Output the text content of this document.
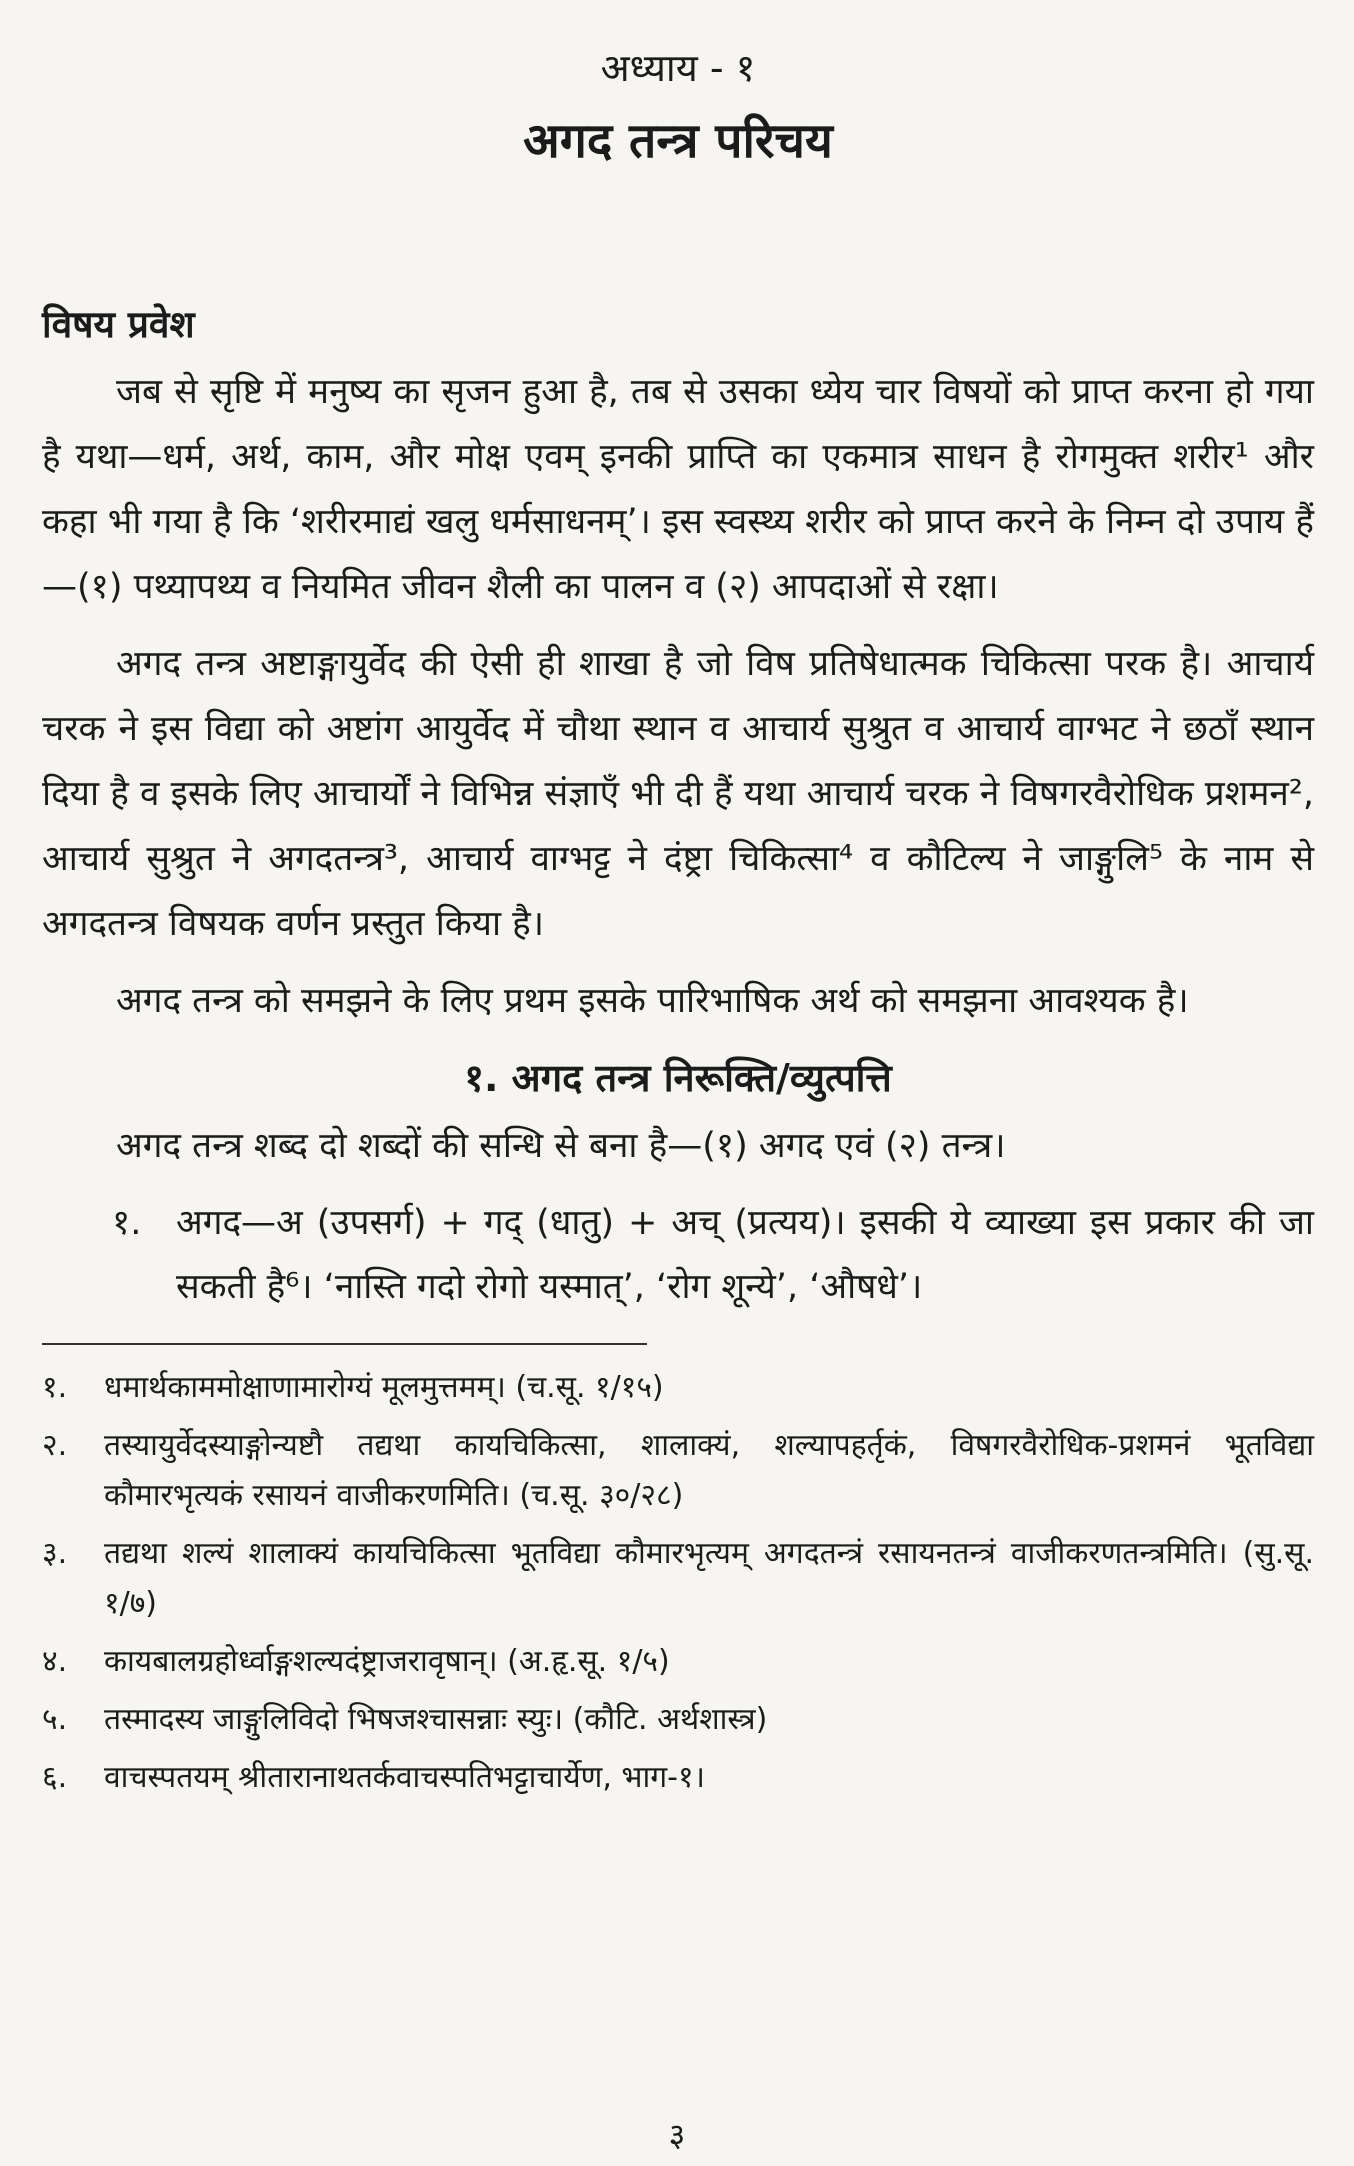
अध्याय - १
अगद तन्त्र परिचय
विषय प्रवेश

जब से सृष्टि में मनुष्य का सृजन हुआ है, तब से उसका ध्येय चार विषयों को प्राप्त करना हो गया है यथा—धर्म, अर्थ, काम, और मोक्ष एवम् इनकी प्राप्ति का एकमात्र साधन है रोगमुक्त शरीर¹ और कहा भी गया है कि ‘शरीरमाद्यं खलु धर्मसाधनम्’। इस स्वस्थ्य शरीर को प्राप्त करने के निम्न दो उपाय हैं—(१) पथ्यापथ्य व नियमित जीवन शैली का पालन व (२) आपदाओं से रक्षा।

अगद तन्त्र अष्टाङ्गायुर्वेद की ऐसी ही शाखा है जो विष प्रतिषेधात्मक चिकित्सा परक है। आचार्य चरक ने इस विद्या को अष्टांग आयुर्वेद में चौथा स्थान व आचार्य सुश्रुत व आचार्य वाग्भट ने छठाँ स्थान दिया है व इसके लिए आचार्यों ने विभिन्न संज्ञाएँ भी दी हैं यथा आचार्य चरक ने विषगरवैरोधिक प्रशमन², आचार्य सुश्रुत ने अगदतन्त्र³, आचार्य वाग्भट्ट ने दंष्ट्रा चिकित्सा⁴ व कौटिल्य ने जाङ्गुलि⁵ के नाम से अगदतन्त्र विषयक वर्णन प्रस्तुत किया है।

अगद तन्त्र को समझने के लिए प्रथम इसके पारिभाषिक अर्थ को समझना आवश्यक है।

१. अगद तन्त्र निरूक्ति/व्युत्पत्ति

अगद तन्त्र शब्द दो शब्दों की सन्धि से बना है—(१) अगद एवं (२) तन्त्र।

१. अगद—अ (उपसर्ग) + गद् (धातु) + अच् (प्रत्यय)। इसकी ये व्याख्या इस प्रकार की जा सकती है⁶। ‘नास्ति गदो रोगो यस्मात्’, ‘रोग शून्ये’, ‘औषधे’।
१. धमार्थकाममोक्षाणामारोग्यं मूलमुत्तमम्। (च.सू. १/१५)
२. तस्यायुर्वेदस्याङ्गोन्यष्टौ तद्यथा कायचिकित्सा, शालाक्यं, शल्यापहर्तृकं, विषगरवैरोधिक-प्रशमनं भूतविद्या कौमारभृत्यकं रसायनं वाजीकरणमिति। (च.सू. ३०/२८)
३. तद्यथा शल्यं शालाक्यं कायचिकित्सा भूतविद्या कौमारभृत्यम् अगदतन्त्रं रसायनतन्त्रं वाजीकरणतन्त्रमिति। (सु.सू. १/७)
४. कायबालग्रहोर्ध्वाङ्गशल्यदंष्ट्राजरावृषान्। (अ.हृ.सू. १/५)
५. तस्मादस्य जाङ्गुलिविदो भिषजश्चासन्नाः स्युः। (कौटि. अर्थशास्त्र)
६. वाचस्पतयम् श्रीतारानाथतर्कवाचस्पतिभट्टाचार्येण, भाग-१।
३
